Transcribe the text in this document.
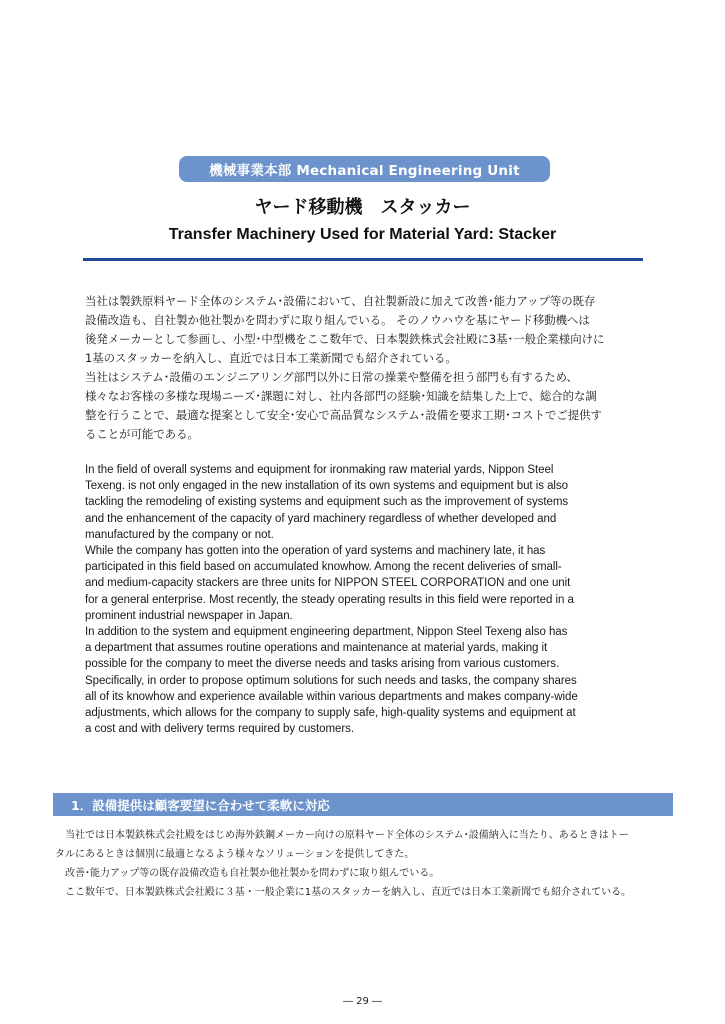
機械事業本部 Mechanical Engineering Unit
ヤード移動機　スタッカー
Transfer Machinery Used for Material Yard: Stacker

当社は製鉄原料ヤード全体のシステム･設備において、自社製新設に加えて改善･能力アップ等の既存

設備改造も、自社製か他社製かを問わずに取り組んでいる。 そのノウハウを基にヤード移動機へは

後発メーカーとして参画し、小型･中型機をここ数年で、日本製鉄株式会社殿に3基･一般企業様向けに

1基のスタッカーを納入し、直近では日本工業新聞でも紹介されている。

当社はシステム･設備のエンジニアリング部門以外に日常の操業や整備を担う部門も有するため、

様々なお客様の多様な現場ニーズ･課題に対し、社内各部門の経験･知識を結集した上で、総合的な調

整を行うことで、最適な提案として安全･安心で高品質なシステム･設備を要求工期･コストでご提供す

ることが可能である。

In the field of overall systems and equipment for ironmaking raw material yards, Nippon Steel

Texeng. is not only engaged in the new installation of its own systems and equipment but is also

tackling the remodeling of existing systems and equipment such as the improvement of systems

and the enhancement of the capacity of yard machinery regardless of whether developed and

manufactured by the company or not.

While the company has gotten into the operation of yard systems and machinery late, it has

participated in this field based on accumulated knowhow. Among the recent deliveries of small-

and medium-capacity stackers are three units for NIPPON STEEL CORPORATION and one unit

for a general enterprise. Most recently, the steady operating results in this field were reported in a

prominent industrial newspaper in Japan.

In addition to the system and equipment engineering department, Nippon Steel Texeng also has

a department that assumes routine operations and maintenance at material yards, making it

possible for the company to meet the diverse needs and tasks arising from various customers.

Specifically, in order to propose optimum solutions for such needs and tasks, the company shares

all of its knowhow and experience available within various departments and makes company-wide

adjustments, which allows for the company to supply safe, high-quality systems and equipment at

a cost and with delivery terms required by customers.

1．設備提供は顧客要望に合わせて柔軟に対応

　当社では日本製鉄株式会社殿をはじめ海外鉄鋼メーカー向けの原料ヤード全体のシステム･設備納入に当たり、あるときはトー

タルにあるときは個別に最適となるよう様々なソリューションを提供してきた。

　改善･能力アップ等の既存設備改造も自社製か他社製かを問わずに取り組んでいる。

　ここ数年で、日本製鉄株式会社殿に３基・一般企業に1基のスタッカーを納入し、直近では日本工業新聞でも紹介されている。

― 29 ―
